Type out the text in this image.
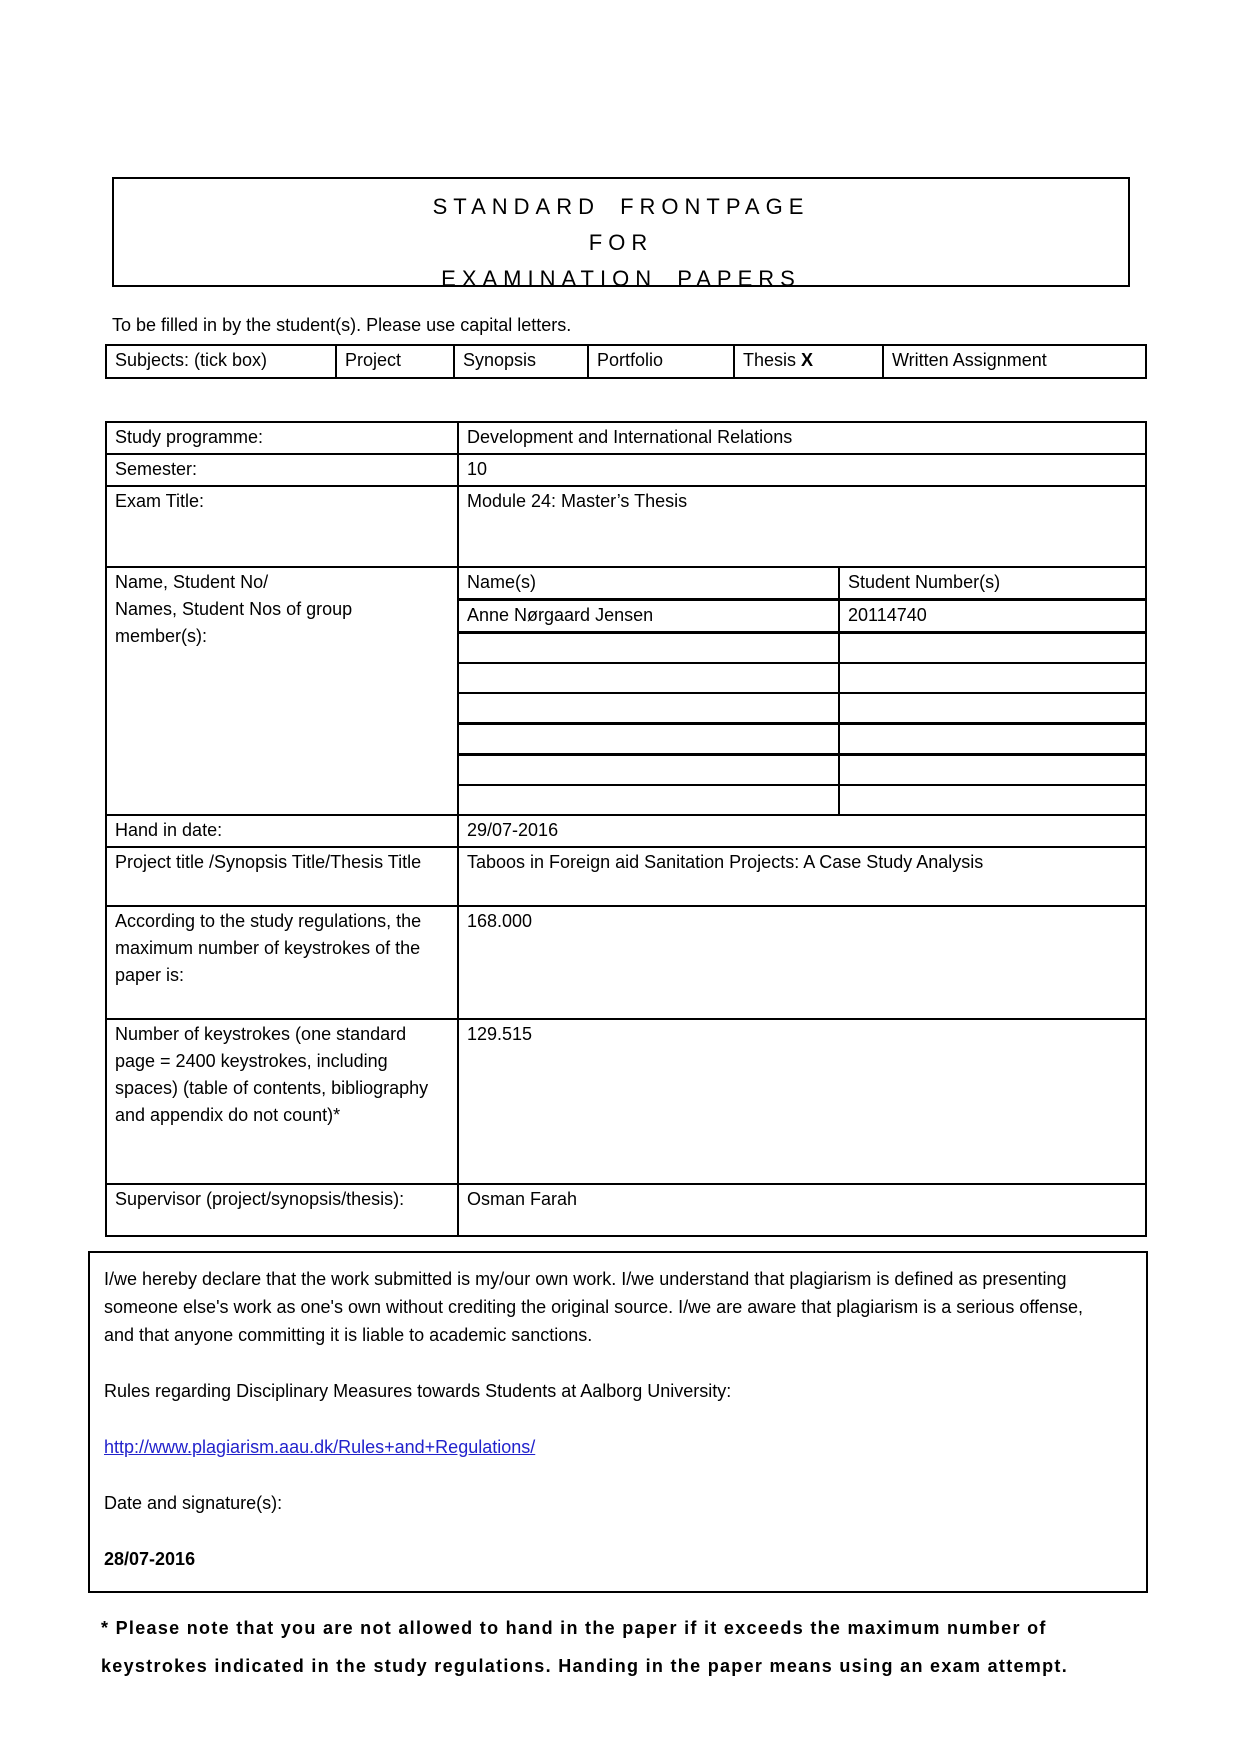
STANDARD FRONTPAGE
FOR
EXAMINATION PAPERS
To be filled in by the student(s). Please use capital letters.
Subjects: (tick box)	Project	Synopsis	Portfolio	Thesis X	Written Assignment
Study programme:	Development and International Relations	
Semester:	10	
Exam Title:	Module 24: Master’s Thesis	

Name, Student No/
Names, Student Nos of group member(s):	Name(s)	Student Number(s)
	Anne Nørgaard Jensen	20114740

Hand in date:	29/07-2016	
Project title /Synopsis Title/Thesis Title	Taboos in Foreign aid Sanitation Projects: A Case Study Analysis	
According to the study regulations, the maximum number of keystrokes of the paper is:	168.000	
Number of keystrokes (one standard page = 2400 keystrokes, including spaces) (table of contents, bibliography and appendix do not count)*	129.515	
Supervisor (project/synopsis/thesis):	Osman Farah	

I/we hereby declare that the work submitted is my/our own work. I/we understand that plagiarism is defined as presenting someone else's work as one's own without crediting the original source. I/we are aware that plagiarism is a serious offense, and that anyone committing it is liable to academic sanctions.

Rules regarding Disciplinary Measures towards Students at Aalborg University:

http://www.plagiarism.aau.dk/Rules+and+Regulations/

Date and signature(s):

28/07-2016

* Please note that you are not allowed to hand in the paper if it exceeds the maximum number of keystrokes indicated in the study regulations. Handing in the paper means using an exam attempt.
